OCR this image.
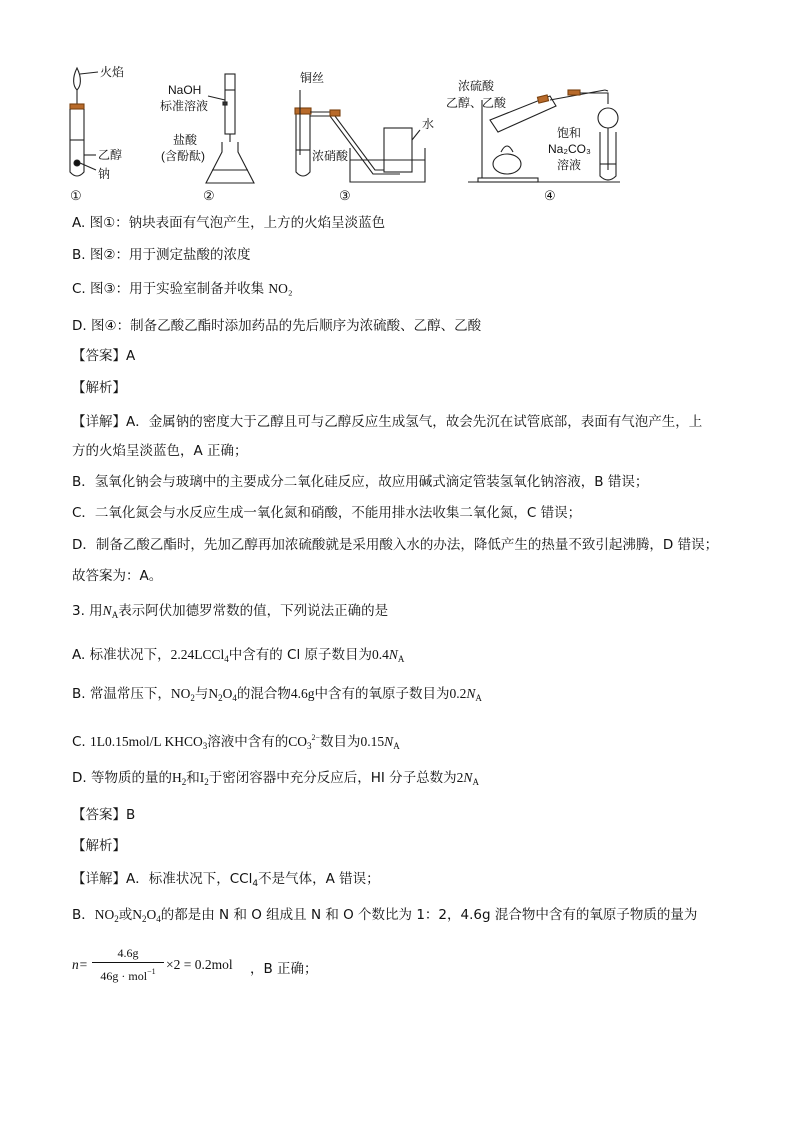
火焰
乙醇
钠
①
NaOH
标准溶液
盐酸
(含酚酞)
②
铜丝
浓硝酸
水
③
浓硫酸
乙醇、乙酸
饱和
Na₂CO₃
溶液
④
A. 图①：钠块表面有气泡产生，上方的火焰呈淡蓝色
B. 图②：用于测定盐酸的浓度
C. 图③：用于实验室制备并收集 NO₂
D. 图④：制备乙酸乙酯时添加药品的先后顺序为浓硫酸、乙醇、乙酸
【答案】A
【解析】
【详解】A．金属钠的密度大于乙醇且可与乙醇反应生成氢气，故会先沉在试管底部，表面有气泡产生，上
方的火焰呈淡蓝色，A 正确；
B．氢氧化钠会与玻璃中的主要成分二氧化硅反应，故应用碱式滴定管装氢氧化钠溶液，B 错误；
C．二氧化氮会与水反应生成一氧化氮和硝酸，不能用排水法收集二氧化氮，C 错误；
D．制备乙酸乙酯时，先加乙醇再加浓硫酸就是采用酸入水的办法，降低产生的热量不致引起沸腾，D 错误；
故答案为：A。
3. 用$N_A$表示阿伏加德罗常数的值，下列说法正确的是
A. 标准状况下，2.24LCCl$_4$中含有的 Cl 原子数目为$0.4N_A$
B. 常温常压下，$NO_2$与$N_2O_4$的混合物4.6g中含有的氧原子数目为$0.2N_A$
C. 1L0.15mol/L $KHCO_3$溶液中含有的$CO_3^{2-}$数目为$0.15N_A$
D. 等物质的量的$H_2$和$I_2$于密闭容器中充分反应后，HI 分子总数为$2N_A$
【答案】B
【解析】
【详解】A．标准状况下，CCl$_4$不是气体，A 错误；
B．$NO_2$或$N_2O_4$的都是由 N 和 O 组成且 N 和 O 个数比为 1：2，4.6g 混合物中含有的氧原子物质的量为
n=
4.6g
46g · mol$^{-1}$ ×2 = 0.2mol ，B 正确；
